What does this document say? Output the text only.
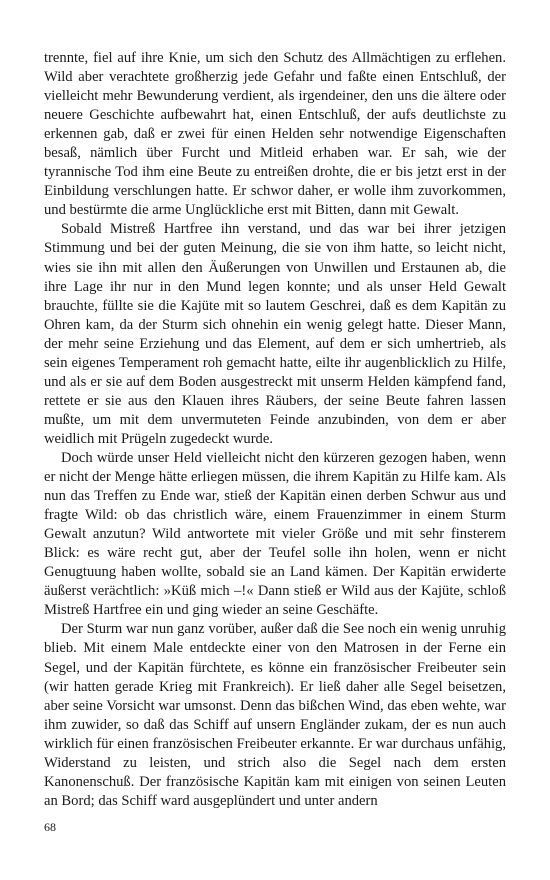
trennte, fiel auf ihre Knie, um sich den Schutz des Allmächtigen zu erflehen. Wild aber verachtete großherzig jede Gefahr und faßte einen Entschluß, der vielleicht mehr Bewunderung verdient, als irgendeiner, den uns die ältere oder neuere Geschichte aufbewahrt hat, einen Entschluß, der aufs deutlichste zu erkennen gab, daß er zwei für einen Helden sehr notwendige Eigenschaften besaß, nämlich über Furcht und Mitleid erhaben war. Er sah, wie der tyrannische Tod ihm eine Beute zu entreißen drohte, die er bis jetzt erst in der Einbildung verschlungen hatte. Er schwor daher, er wolle ihm zuvorkommen, und bestürmte die arme Unglückliche erst mit Bitten, dann mit Gewalt.

Sobald Mistreß Hartfree ihn verstand, und das war bei ihrer jetzigen Stimmung und bei der guten Meinung, die sie von ihm hatte, so leicht nicht, wies sie ihn mit allen den Äußerungen von Unwillen und Erstaunen ab, die ihre Lage ihr nur in den Mund legen konnte; und als unser Held Gewalt brauchte, füllte sie die Kajüte mit so lautem Geschrei, daß es dem Kapitän zu Ohren kam, da der Sturm sich ohnehin ein wenig gelegt hatte. Dieser Mann, der mehr seine Erziehung und das Element, auf dem er sich umhertrieb, als sein eigenes Temperament roh gemacht hatte, eilte ihr augenblicklich zu Hilfe, und als er sie auf dem Boden ausgestreckt mit unserm Helden kämpfend fand, rettete er sie aus den Klauen ihres Räubers, der seine Beute fahren lassen mußte, um mit dem unvermuteten Feinde anzubinden, von dem er aber weidlich mit Prügeln zugedeckt wurde.

Doch würde unser Held vielleicht nicht den kürzeren gezogen haben, wenn er nicht der Menge hätte erliegen müssen, die ihrem Kapitän zu Hilfe kam. Als nun das Treffen zu Ende war, stieß der Kapitän einen derben Schwur aus und fragte Wild: ob das christlich wäre, einem Frauenzimmer in einem Sturm Gewalt anzutun? Wild antwortete mit vieler Größe und mit sehr finsterem Blick: es wäre recht gut, aber der Teufel solle ihn holen, wenn er nicht Genugtuung haben wollte, sobald sie an Land kämen. Der Kapitän erwiderte äußerst verächtlich: »Küß mich –!« Dann stieß er Wild aus der Kajüte, schloß Mistreß Hartfree ein und ging wieder an seine Geschäfte.

Der Sturm war nun ganz vorüber, außer daß die See noch ein wenig unruhig blieb. Mit einem Male entdeckte einer von den Matrosen in der Ferne ein Segel, und der Kapitän fürchtete, es könne ein französischer Freibeuter sein (wir hatten gerade Krieg mit Frankreich). Er ließ daher alle Segel beisetzen, aber seine Vorsicht war umsonst. Denn das bißchen Wind, das eben wehte, war ihm zuwider, so daß das Schiff auf unsern Engländer zukam, der es nun auch wirklich für einen französischen Freibeuter erkannte. Er war durchaus unfähig, Widerstand zu leisten, und strich also die Segel nach dem ersten Kanonenschuß. Der französische Kapitän kam mit einigen von seinen Leuten an Bord; das Schiff ward ausgeplündert und unter andern

68
